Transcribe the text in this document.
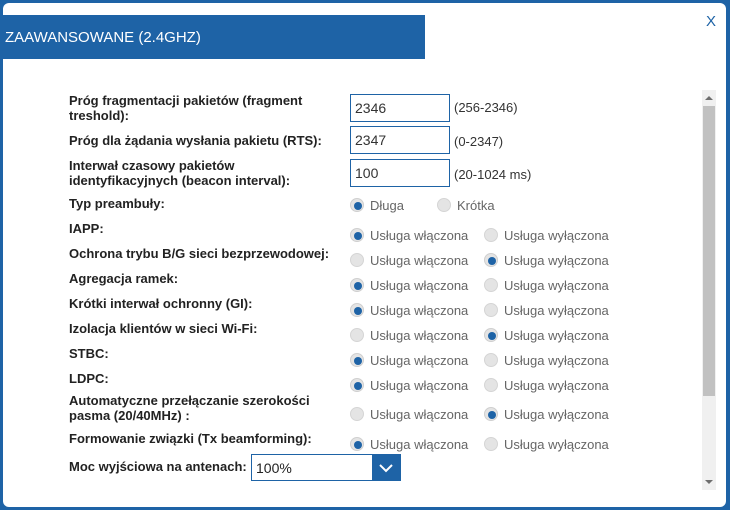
ZAAWANSOWANE (2.4GHZ)
X
Próg fragmentacji pakietów (fragment treshold):
2346
(256-2346)
Próg dla żądania wysłania pakietu (RTS):
2347	(0-2347)
Interwał czasowy pakietów identyfikacyjnych (beacon interval):
100	(20-1024 ms)
Typ preambuły:	Długa	Krótka
IAPP:	Usługa włączona	Usługa wyłączona
Ochrona trybu B/G sieci bezprzewodowej:	Usługa włączona	Usługa wyłączona
Agregacja ramek:	Usługa włączona	Usługa wyłączona
Krótki interwał ochronny (GI):	Usługa włączona	Usługa wyłączona
Izolacja klientów w sieci Wi-Fi:	Usługa włączona	Usługa wyłączona
STBC:	Usługa włączona	Usługa wyłączona
LDPC:	Usługa włączona	Usługa wyłączona
Automatyczne przełączanie szerokości pasma (20/40MHz) :	Usługa włączona	Usługa wyłączona
Formowanie związki (Tx beamforming):	Usługa włączona	Usługa wyłączona
Moc wyjściowa na antenach: 100%
